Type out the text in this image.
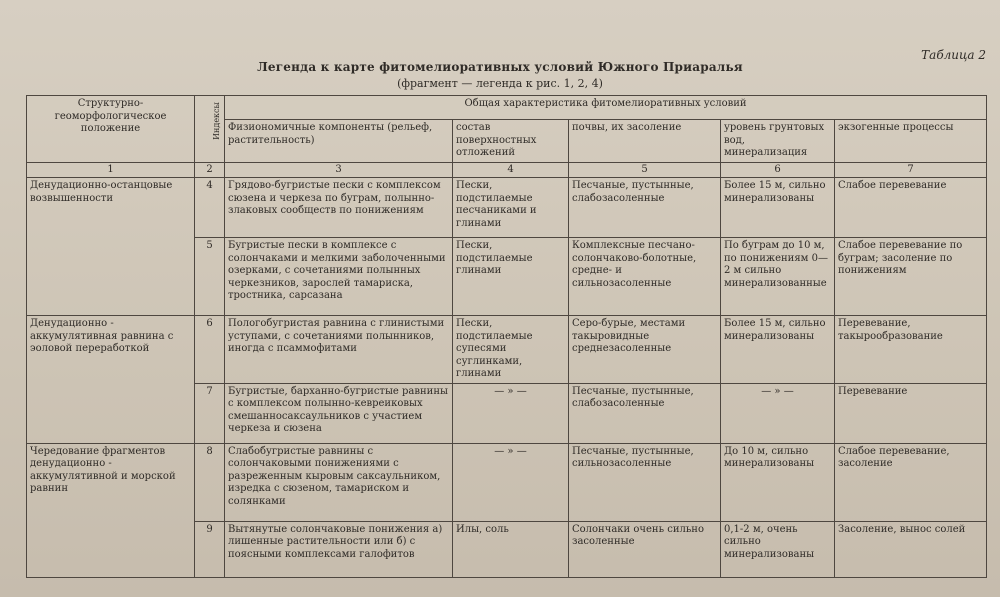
Таблица 2
Легенда к карте фитомелиоративных условий Южного Приаралья
(фрагмент — легенда к рис. 1, 2, 4)
Структурно-геоморфологическое положение	Индексы	Общая характеристика фитомелиоративных условий				
		Физиономичные компоненты (рельеф, растительность)	состав поверхностных отложений	почвы, их засоление	уровень грунтовых вод, минерализация	экзогенные процессы
1	2	3	4	5	6	7
Денудационно-останцовые возвышенности	4	Грядово-бугристые пески с комплексом сюзена и черкеза по буграм, полынно-злаковых сообществ по понижениям	Пески, подстилаемые песчаниками и глинами	Песчаные, пустынные, слабозасоленные	Более 15 м, сильно минерализованы	Слабое перевевание
	5	Бугристые пески в комплексе с солончаками и мелкими заболоченными озерками, с сочетаниями полынных черкезников, зарослей тамариска, тростника, сарсазана	Пески, подстилаемые глинами	Комплексные песчано-солончаково-болотные, средне- и сильнозасоленные	По буграм до 10 м, по понижениям 0—2 м сильно минерализованные	Слабое перевевание по буграм; засоление по понижениям
Денудационно - аккумулятивная равнина с эоловой переработкой	6	Пологобугристая равнина с глинистыми уступами, с сочетаниями полынников, иногда с псаммофитами	Пески, подстилаемые супесями суглинками, глинами	Серо-бурые, местами такыровидные среднезасоленные	Более 15 м, сильно минерализованы	Перевевание, такырообразование
	7	Бугристые, барханно-бугристые равнины с комплексом полынно-кевреиковых смешанносаксаульников с участием черкеза и сюзена	— » —	Песчаные, пустынные, слабозасоленные	— » —	Перевевание
Чередование фрагментов денудационно - аккумулятивной и морской равнин	8	Слабобугристые равнины с солончаковыми понижениями с разреженным кыровым саксаульником, изредка с сюзеном, тамариском и солянками	— » —	Песчаные, пустынные, сильнозасоленные	До 10 м, сильно минерализованы	Слабое перевевание, засоление
	9	Вытянутые солончаковые понижения а) лишенные растительности или б) с поясными комплексами галофитов	Илы, соль	Солончаки очень сильно засоленные	0,1-2 м, очень сильно минерализованы	Засоление, вынос солей
